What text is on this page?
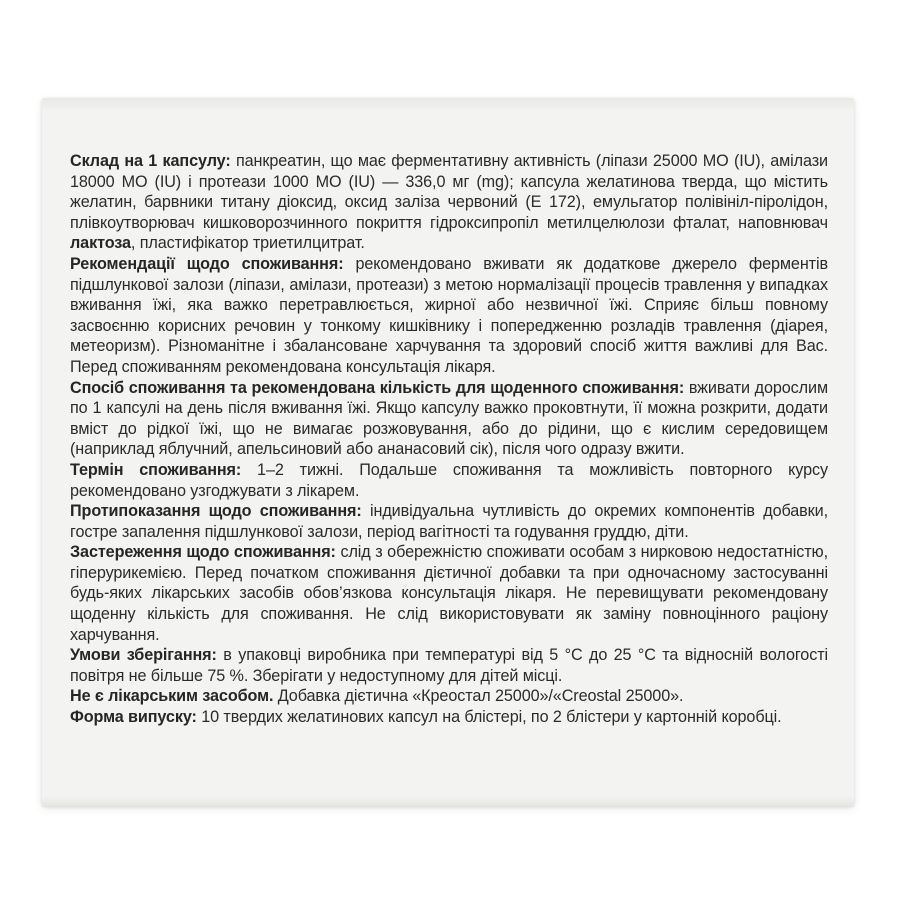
Склад на 1 капсулу: панкреатин, що має ферментативну активність (ліпази 25000 МО (IU), амілази 18000 МО (IU) і протеази 1000 МО (IU) — 336,0 мг (mg); капсула желатинова тверда, що містить желатин, барвники титану діоксид, оксид заліза червоний (Е 172), емульгатор полівініл-піролідон, плівкоутворювач кишковорозчинного покриття гідроксипропіл метилцелюлози фталат, наповнювач лактоза, пластифікатор триетилцитрат.

Рекомендації щодо споживання: рекомендовано вживати як додаткове джерело ферментів підшлункової залози (ліпази, амілази, протеази) з метою нормалізації процесів травлення у випадках вживання їжі, яка важко перетравлюється, жирної або незвичної їжі. Сприяє більш повному засвоєнню корисних речовин у тонкому кишківнику і попередженню розладів травлення (діарея, метеоризм). Різноманітне і збалансоване харчування та здоровий спосіб життя важливі для Вас. Перед споживанням рекомендована консультація лікаря.

Спосіб споживання та рекомендована кількість для щоденного споживання: вживати дорослим по 1 капсулі на день після вживання їжі. Якщо капсулу важко проковтнути, її можна розкрити, додати вміст до рідкої їжі, що не вимагає розжовування, або до рідини, що є кислим середовищем (наприклад яблучний, апельсиновий або ананасовий сік), після чого одразу вжити.

Термін споживання: 1–2 тижні. Подальше споживання та можливість повторного курсу рекомендовано узгоджувати з лікарем.

Протипоказання щодо споживання: індивідуальна чутливість до окремих компонентів добавки, гостре запалення підшлункової залози, період вагітності та годування груддю, діти.

Застереження щодо споживання: слід з обережністю споживати особам з нирковою недостатністю, гіперурикемією. Перед початком споживання дієтичної добавки та при одночасному застосуванні будь-яких лікарських засобів обов’язкова консультація лікаря. Не перевищувати рекомендовану щоденну кількість для споживання. Не слід використовувати як заміну повноцінного раціону харчування.

Умови зберігання: в упаковці виробника при температурі від 5 °С до 25 °С та відносній вологості повітря не більше 75 %. Зберігати у недоступному для дітей місці.

Не є лікарським засобом. Добавка дієтична «Креостал 25000»/«Creostal 25000».

Форма випуску: 10 твердих желатинових капсул на блістері, по 2 блістери у картонній коробці.
